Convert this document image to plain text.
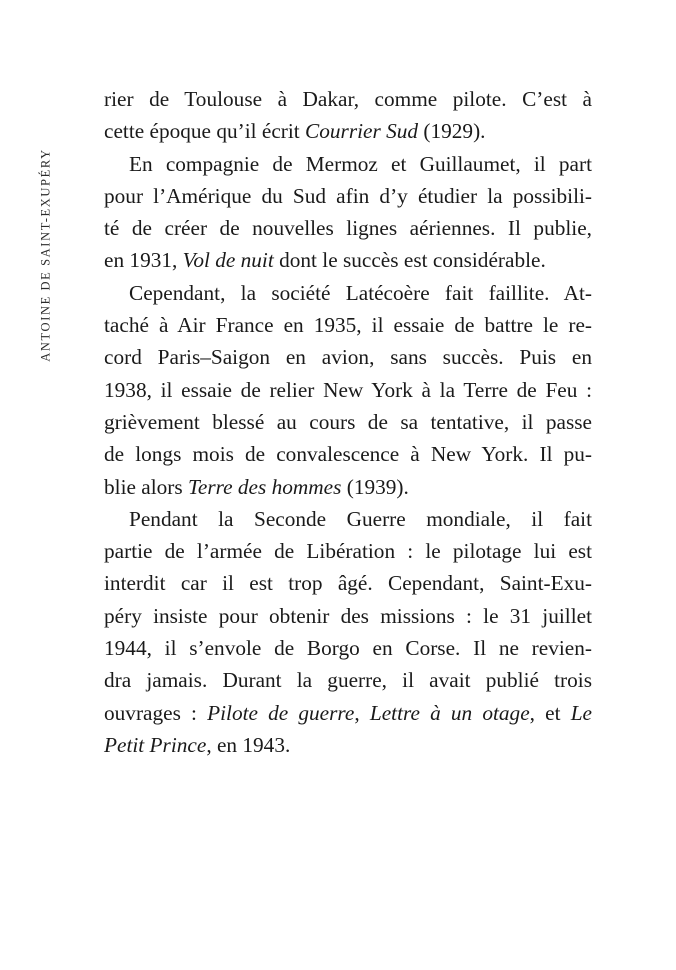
ANTOINE DE SAINT-EXUPÉRY
rier de Toulouse à Dakar, comme pilote. C’est à
cette époque qu’il écrit Courrier Sud (1929).
En compagnie de Mermoz et Guillaumet, il part
pour l’Amérique du Sud afin d’y étudier la possibili-
té de créer de nouvelles lignes aériennes. Il publie,
en 1931, Vol de nuit dont le succès est considérable.
Cependant, la société Latécoère fait faillite. At-
taché à Air France en 1935, il essaie de battre le re-
cord Paris–Saigon en avion, sans succès. Puis en
1938, il essaie de relier New York à la Terre de Feu :
grièvement blessé au cours de sa tentative, il passe
de longs mois de convalescence à New York. Il pu-
blie alors Terre des hommes (1939).
Pendant la Seconde Guerre mondiale, il fait
partie de l’armée de Libération : le pilotage lui est
interdit car il est trop âgé. Cependant, Saint-Exu-
péry insiste pour obtenir des missions : le 31 juillet
1944, il s’envole de Borgo en Corse. Il ne revien-
dra jamais. Durant la guerre, il avait publié trois
ouvrages : Pilote de guerre, Lettre à un otage, et Le
Petit Prince, en 1943.
